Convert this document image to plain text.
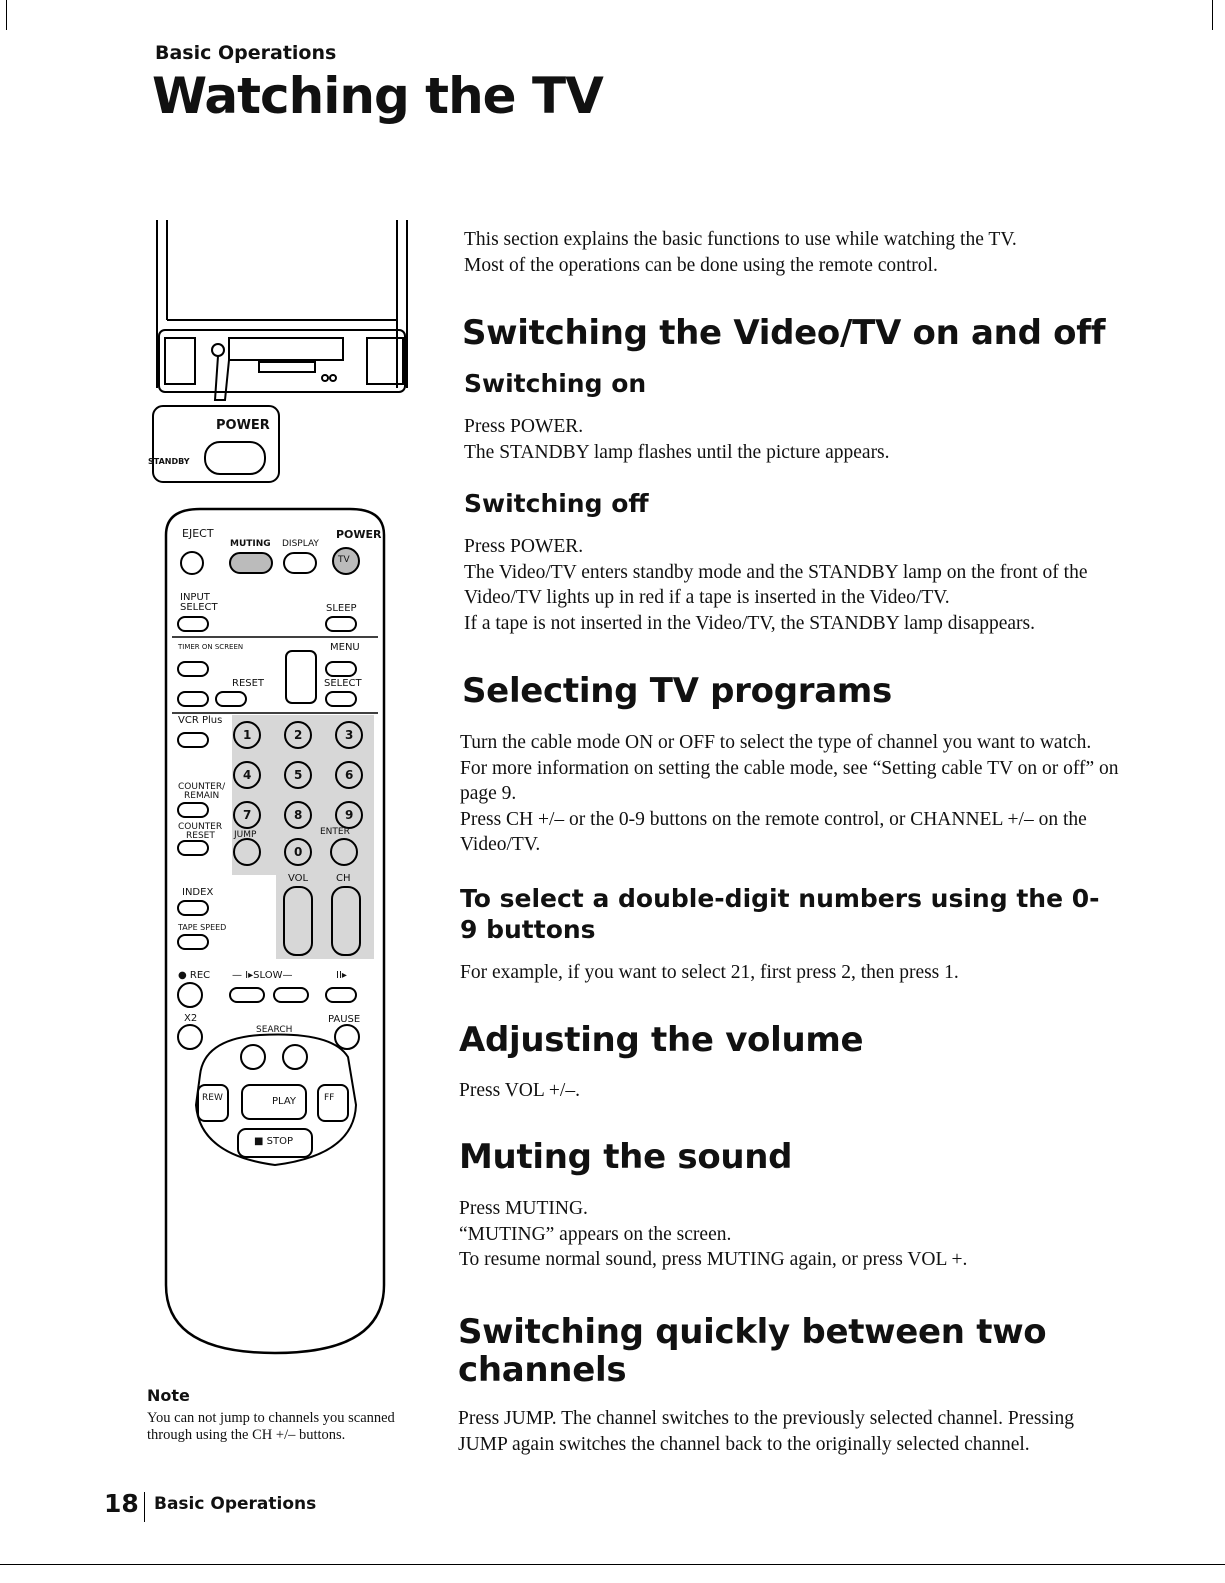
Basic Operations
Watching the TV
POWER
STANDBY
EJECT
MUTING DISPLAY
POWER
TV
INPUT
SELECT	SLEEP
TIMER ON SCREEN	MENU
RESET	SELECT
VCR Plus
COUNTER/
REMAIN
COUNTER
RESET JUMP	ENTER
VOL	CH
INDEX
TAPE SPEED
● REC — I▸SLOW—	II▸
X2	PAUSE
SEARCH
REW	PLAY	FF
■ STOP
1	2	3
4	5	6
7	8	9
0

This section explains the basic functions to use while watching the TV.

Most of the operations can be done using the remote control.

Switching the Video/TV on and off
Switching on

Press POWER.

The STANDBY lamp flashes until the picture appears.

Switching off

Press POWER.

The Video/TV enters standby mode and the STANDBY lamp on the front of the Video/TV lights up in red if a tape is inserted in the Video/TV.

If a tape is not inserted in the Video/TV, the STANDBY lamp disappears.

Selecting TV programs

Turn the cable mode ON or OFF to select the type of channel you want to watch. For more information on setting the cable mode, see “Setting cable TV on or off” on page 9.

Press CH +/– or the 0-9 buttons on the remote control, or CHANNEL +/– on the Video/TV.

To select a double-digit numbers using the 0-9 buttons

For example, if you want to select 21, first press 2, then press 1.

Adjusting the volume

Press VOL +/–.

Muting the sound

Press MUTING.

“MUTING” appears on the screen.

To resume normal sound, press MUTING again, or press VOL +.

Switching quickly between two channels

Press JUMP. The channel switches to the previously selected channel. Pressing JUMP again switches the channel back to the originally selected channel.

Note
You can not jump to channels you scanned through using the CH +/– buttons.
18 Basic Operations
